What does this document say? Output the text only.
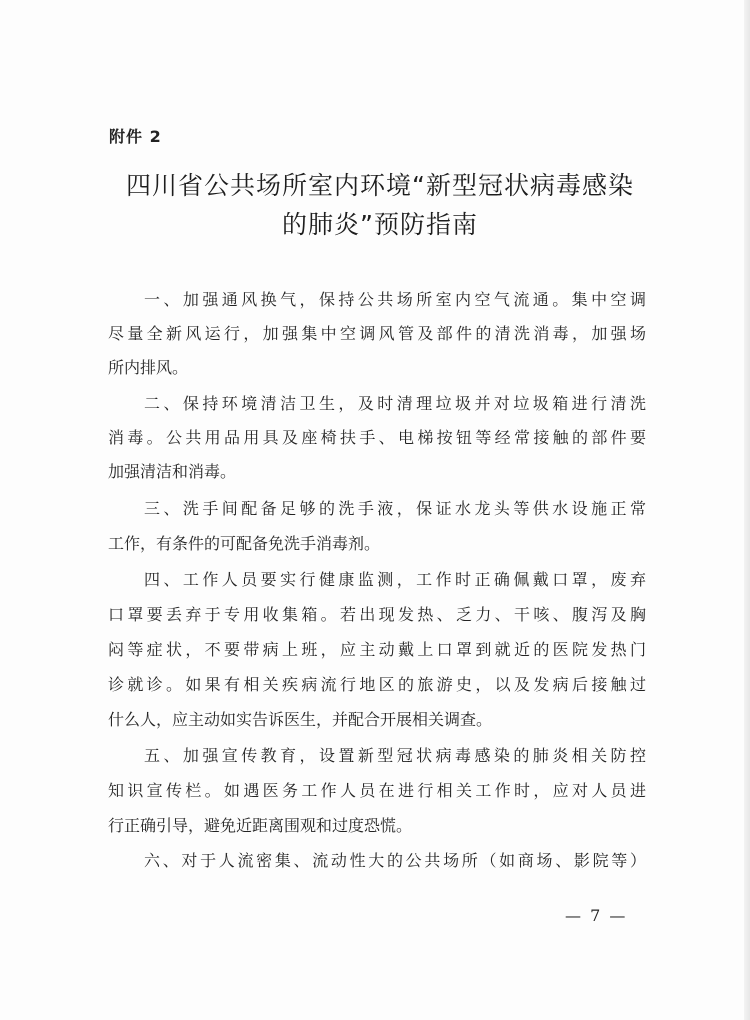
附件 2
四川省公共场所室内环境“新型冠状病毒感染
的肺炎”预防指南
一、加强通风换气，保持公共场所室内空气流通。集中空调
尽量全新风运行，加强集中空调风管及部件的清洗消毒，加强场
所内排风。
二、保持环境清洁卫生，及时清理垃圾并对垃圾箱进行清洗
消毒。公共用品用具及座椅扶手、电梯按钮等经常接触的部件要
加强清洁和消毒。
三、洗手间配备足够的洗手液，保证水龙头等供水设施正常
工作，有条件的可配备免洗手消毒剂。
四、工作人员要实行健康监测，工作时正确佩戴口罩，废弃
口罩要丢弃于专用收集箱。若出现发热、乏力、干咳、腹泻及胸
闷等症状，不要带病上班，应主动戴上口罩到就近的医院发热门
诊就诊。如果有相关疾病流行地区的旅游史，以及发病后接触过
什么人，应主动如实告诉医生，并配合开展相关调查。
五、加强宣传教育，设置新型冠状病毒感染的肺炎相关防控
知识宣传栏。如遇医务工作人员在进行相关工作时，应对人员进
行正确引导，避免近距离围观和过度恐慌。
六、对于人流密集、流动性大的公共场所（如商场、影院等）
— 7 —
